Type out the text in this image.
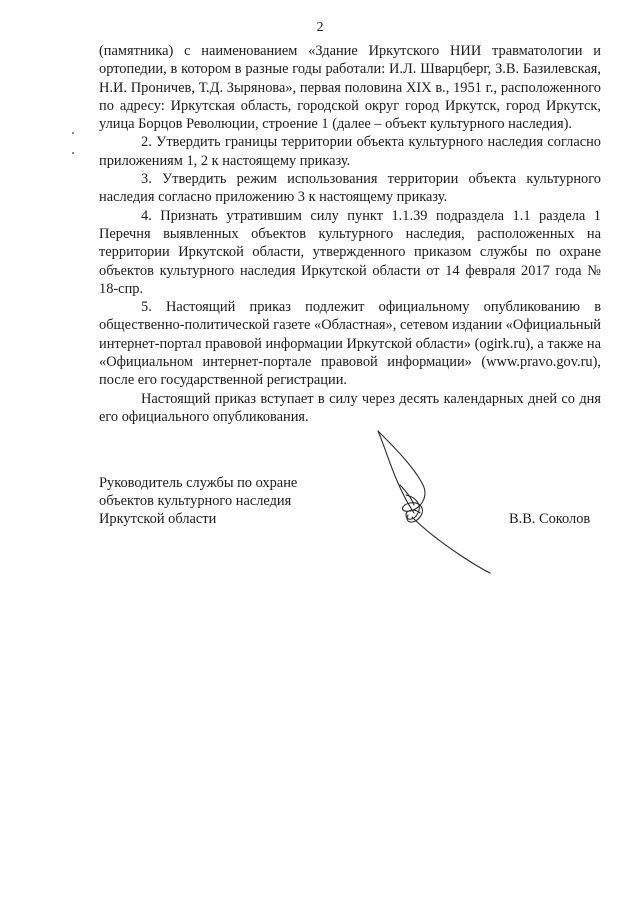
2

(памятника) с наименованием «Здание Иркутского НИИ травматологии и ортопедии, в котором в разные годы работали: И.Л. Шварцберг, З.В. Базилевская, Н.И. Проничев, Т.Д. Зырянова», первая половина XIX в., 1951 г., расположенного по адресу: Иркутская область, городской округ город Иркутск, город Иркутск, улица Борцов Революции, строение 1 (далее – объект культурного наследия).

2. Утвердить границы территории объекта культурного наследия согласно приложениям 1, 2 к настоящему приказу.

3. Утвердить режим использования территории объекта культурного наследия согласно приложению 3 к настоящему приказу.

4. Признать утратившим силу пункт 1.1.39 подраздела 1.1 раздела 1 Перечня выявленных объектов культурного наследия, расположенных на территории Иркутской области, утвержденного приказом службы по охране объектов культурного наследия Иркутской области от 14 февраля 2017 года № 18-спр.

5. Настоящий приказ подлежит официальному опубликованию в общественно-политической газете «Областная», сетевом издании «Официальный интернет-портал правовой информации Иркутской области» (ogirk.ru), а также на «Официальном интернет-портале правовой информации» (www.pravo.gov.ru), после его государственной регистрации.

Настоящий приказ вступает в силу через десять календарных дней со дня его официального опубликования.

Руководитель службы по охране
объектов культурного наследия
Иркутской области	В.В. Соколов
